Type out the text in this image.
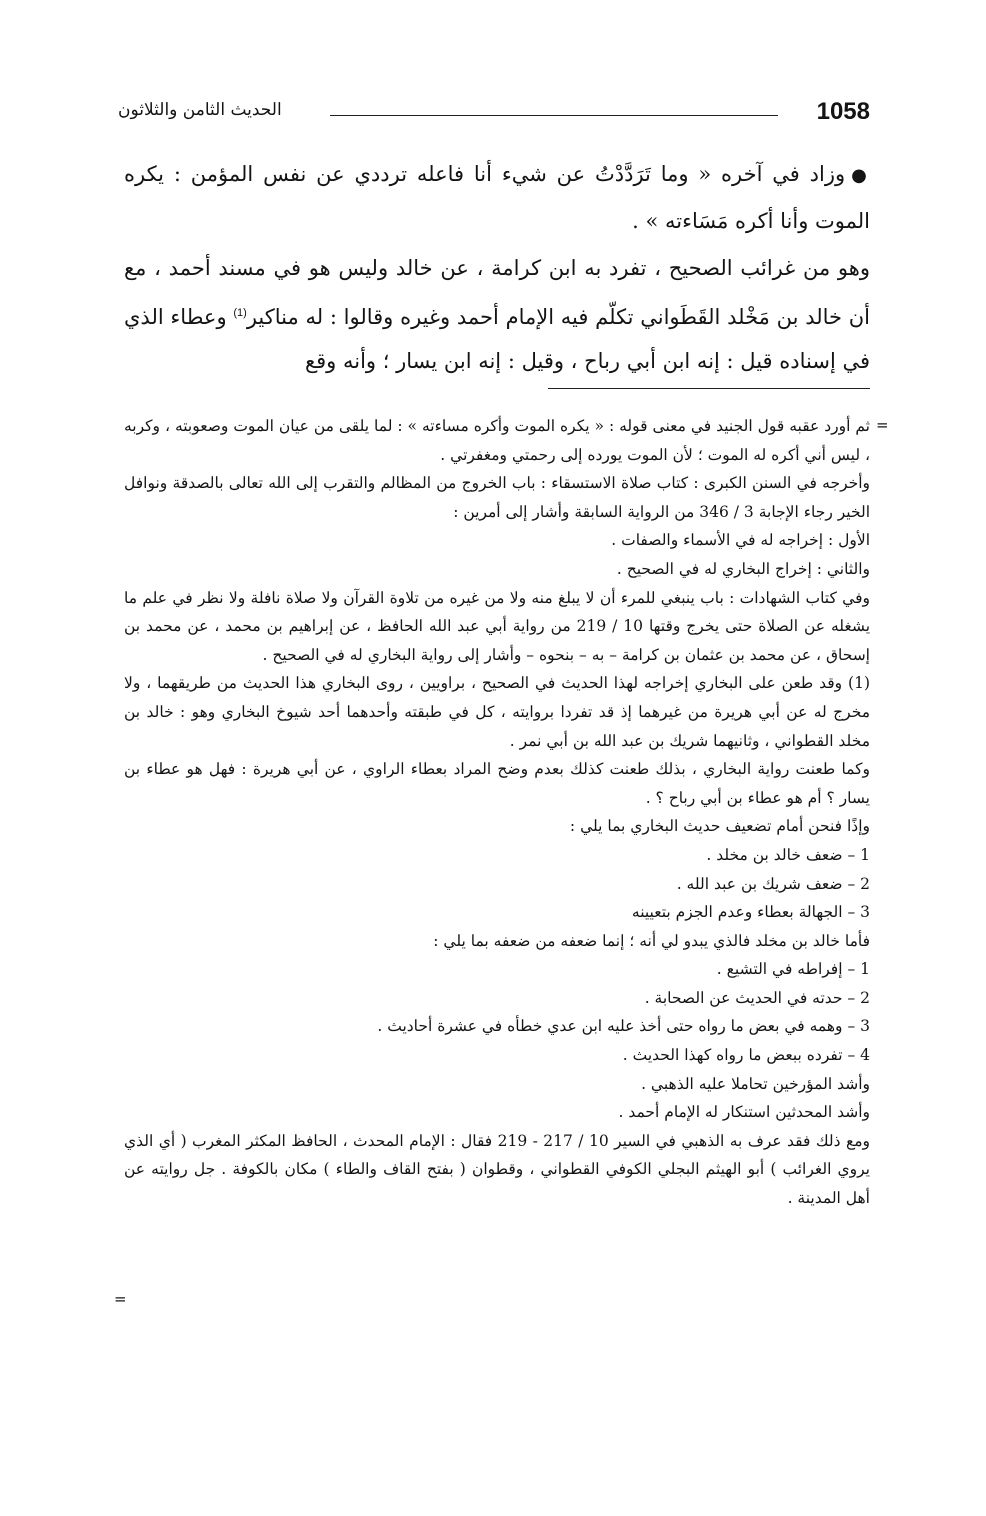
1058
الحديث الثامن والثلاثون

●وزاد في آخره « وما تَرَدَّدْتُ عن شيء أنا فاعله ترددي عن نفس المؤمن : يكره الموت وأنا أكره مَسَاءته » .

وهو من غرائب الصحيح ، تفرد به ابن كرامة ، عن خالد وليس هو في مسند أحمد ، مع أن خالد بن مَخْلد القَطَواني تكلّم فيه الإمام أحمد وغيره وقالوا : له مناكير$^{(1)}$ وعطاء الذي في إسناده قيل : إنه ابن أبي رباح ، وقيل : إنه ابن يسار ؛ وأنه وقع

=

ثم أورد عقبه قول الجنيد في معنى قوله : « يكره الموت وأكره مساءته » : لما يلقى من عيان الموت وصعوبته ، وكربه ، ليس أني أكره له الموت ؛ لأن الموت يورده إلى رحمتي ومغفرتي .

وأخرجه في السنن الكبرى : كتاب صلاة الاستسقاء : باب الخروج من المظالم والتقرب إلى الله تعالى بالصدقة ونوافل الخير رجاء الإجابة 3 / 346 من الرواية السابقة وأشار إلى أمرين :

الأول : إخراجه له في الأسماء والصفات .

والثاني : إخراج البخاري له في الصحيح .

وفي كتاب الشهادات : باب ينبغي للمرء أن لا يبلغ منه ولا من غيره من تلاوة القرآن ولا صلاة نافلة ولا نظر في علم ما يشغله عن الصلاة حتى يخرج وقتها 10 / 219 من رواية أبي عبد الله الحافظ ، عن إبراهيم بن محمد ، عن محمد بن إسحاق ، عن محمد بن عثمان بن كرامة – به – بنحوه – وأشار إلى رواية البخاري له في الصحيح .

(1) وقد طعن على البخاري إخراجه لهذا الحديث في الصحيح ، براويين ، روى البخاري هذا الحديث من طريقهما ، ولا مخرج له عن أبي هريرة من غيرهما إذ قد تفردا بروايته ، كل في طبقته وأحدهما أحد شيوخ البخاري وهو : خالد بن مخلد القطواني ، وثانيهما شريك بن عبد الله بن أبي نمر .

وكما طعنت رواية البخاري ، بذلك طعنت كذلك بعدم وضح المراد بعطاء الراوي ، عن أبي هريرة : فهل هو عطاء بن يسار ؟ أم هو عطاء بن أبي رباح ؟ .

وإذًا فنحن أمام تضعيف حديث البخاري بما يلي :

1 – ضعف خالد بن مخلد .

2 – ضعف شريك بن عبد الله .

3 – الجهالة بعطاء وعدم الجزم بتعيينه

فأما خالد بن مخلد فالذي يبدو لي أنه ؛ إنما ضعفه من ضعفه بما يلي :

1 – إفراطه في التشيع .

2 – حدته في الحديث عن الصحابة .

3 – وهمه في بعض ما رواه حتى أخذ عليه ابن عدي خطأه في عشرة أحاديث .

4 – تفرده ببعض ما رواه كهذا الحديث .

وأشد المؤرخين تحاملا عليه الذهبي .

وأشد المحدثين استنكار له الإمام أحمد .

ومع ذلك فقد عرف به الذهبي في السير 10 / 217 - 219 فقال : الإمام المحدث ، الحافظ المكثر المغرب ( أي الذي يروي الغرائب ) أبو الهيثم البجلي الكوفي القطواني ، وقطوان ( بفتح القاف والطاء ) مكان بالكوفة . جل روايته عن أهل المدينة .

=
